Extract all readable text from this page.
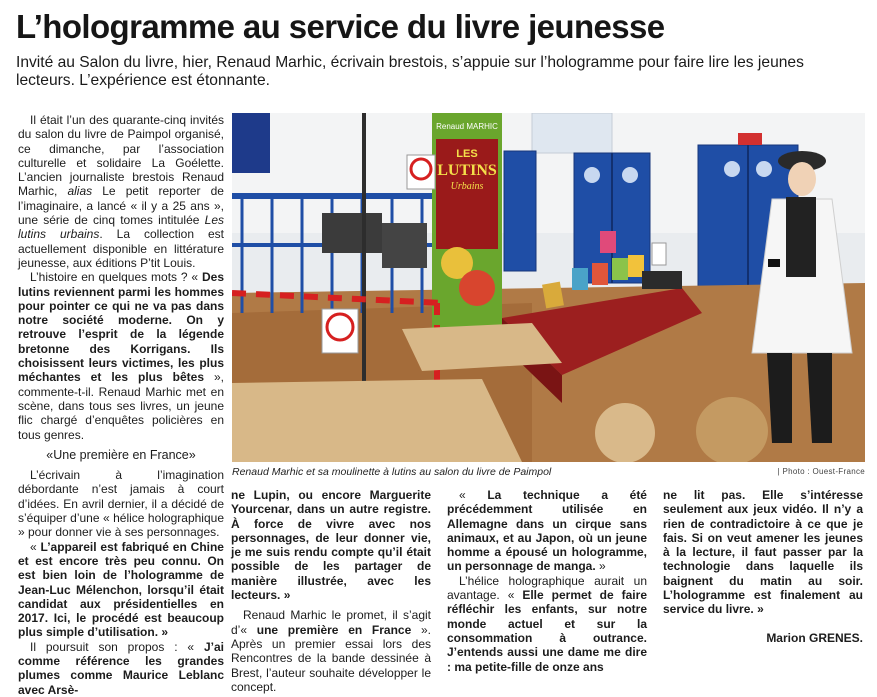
L’hologramme au service du livre jeunesse

Invité au Salon du livre, hier, Renaud Marhic, écrivain brestois, s’appuie sur l’hologramme pour faire lire les jeunes lecteurs. L’expérience est étonnante.

Il était l’un des quarante-cinq invités du salon du livre de Paimpol organisé, ce dimanche, par l’association culturelle et solidaire La Goélette. L’ancien journaliste brestois Renaud Marhic, alias Le petit reporter de l’imaginaire, a lancé « il y a 25 ans », une série de cinq tomes intitulée Les lutins urbains. La collection est actuellement disponible en littérature jeunesse, aux éditions P’tit Louis.

L’histoire en quelques mots ? « Des lutins reviennent parmi les hommes pour pointer ce qui ne va pas dans notre société moderne. On y retrouve l’esprit de la légende bretonne des Korrigans. Ils choisissent leurs victimes, les plus méchantes et les plus bêtes », commente-t-il. Renaud Marhic met en scène, dans tous ses livres, un jeune flic chargé d’enquêtes policières en tous genres.

«Une première en France»

L’écrivain à l’imagination débordante n’est jamais à court d’idées. En avril dernier, il a décidé de s’équiper d’une « hélice holographique » pour donner vie à ses personnages.

« L’appareil est fabriqué en Chine et est encore très peu connu. On est bien loin de l’hologramme de Jean-Luc Mélenchon, lorsqu’il était candidat aux présidentielles en 2017. Ici, le procédé est beaucoup plus simple d’utilisation. »

Il poursuit son propos : « J’ai comme référence les grandes plumes comme Maurice Leblanc avec Arsè-

Renaud MARHIC
LES
LUTINS
Urbains
Renaud Marhic et sa moulinette à lutins au salon du livre de Paimpol	| Photo : Ouest-France

ne Lupin, ou encore Marguerite Yourcenar, dans un autre registre. À force de vivre avec nos personnages, de leur donner vie, je me suis rendu compte qu’il était possible de les partager de manière illustrée, avec les lecteurs. »

Renaud Marhic le promet, il s’agit d’« une première en France ». Après un premier essai lors des Rencontres de la bande dessinée à Brest, l’auteur souhaite développer le concept.

« La technique a été précédemment utilisée en Allemagne dans un cirque sans animaux, et au Japon, où un jeune homme a épousé un hologramme, un personnage de manga. »

L’hélice holographique aurait un avantage. « Elle permet de faire réfléchir les enfants, sur notre monde actuel et sur la consommation à outrance. J’entends aussi une dame me dire : ma petite-fille de onze ans

ne lit pas. Elle s’intéresse seulement aux jeux vidéo. Il n’y a rien de contradictoire à ce que je fais. Si on veut amener les jeunes à la lecture, il faut passer par la technologie dans laquelle ils baignent du matin au soir. L’hologramme est finalement au service du livre. »

Marion GRENES.
